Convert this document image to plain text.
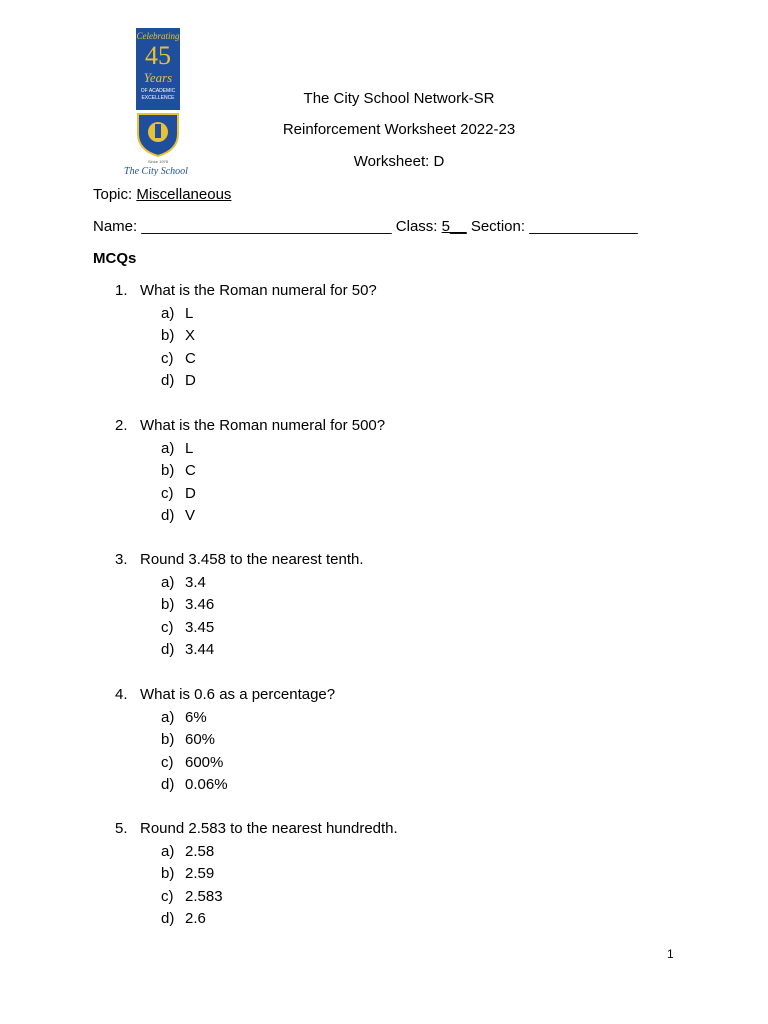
Celebrating
45
Years
OF ACADEMIC
EXCELLENCE
Since 1978
The City School
The City School Network-SR
Reinforcement Worksheet 2022-23
Worksheet: D
Topic: Miscellaneous
Name: ______________________________ Class: 5__ Section: _____________
MCQs
1. What is the Roman numeral for 50?
a) L
b) X
c) C
d) D
2. What is the Roman numeral for 500?
a) L
b) C
c) D
d) V
3. Round 3.458 to the nearest tenth.
a) 3.4
b) 3.46
c) 3.45
d) 3.44
4. What is 0.6 as a percentage?
a) 6%
b) 60%
c) 600%
d) 0.06%
5. Round 2.583 to the nearest hundredth.
a) 2.58
b) 2.59
c) 2.583
d) 2.6
1
